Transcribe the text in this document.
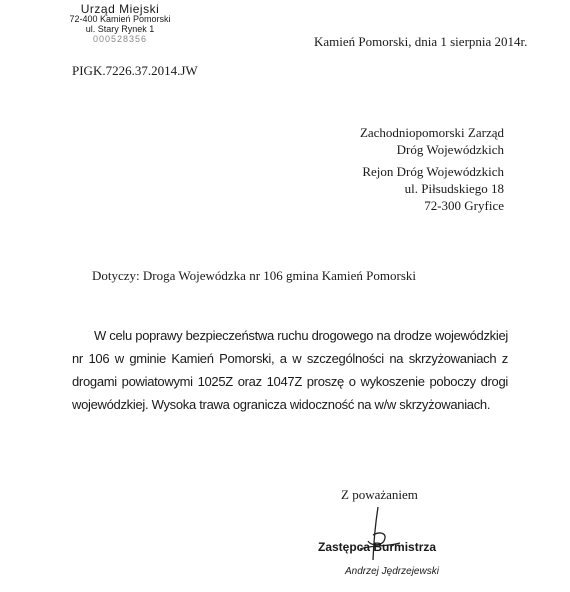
Urząd Miejski
72-400 Kamień Pomorski
ul. Stary Rynek 1
000528356	Kamień Pomorski, dnia 1 sierpnia 2014r.
PIGK.7226.37.2014.JW
Zachodniopomorski Zarząd
Dróg Wojewódzkich
Rejon Dróg Wojewódzkich
ul. Piłsudskiego 18
72-300 Gryfice
Dotyczy: Droga Wojewódzka nr 106 gmina Kamień Pomorski

W celu poprawy bezpieczeństwa ruchu drogowego na drodze wojewódzkiej nr 106 w gminie Kamień Pomorski, a w szczególności na skrzyżowaniach z drogami powiatowymi 1025Z oraz 1047Z proszę o wykoszenie poboczy drogi wojewódzkiej. Wysoka trawa ogranicza widoczność na w/w skrzyżowaniach.

Z poważaniem
Zastępca Burmistrza
Andrzej Jędrzejewski
